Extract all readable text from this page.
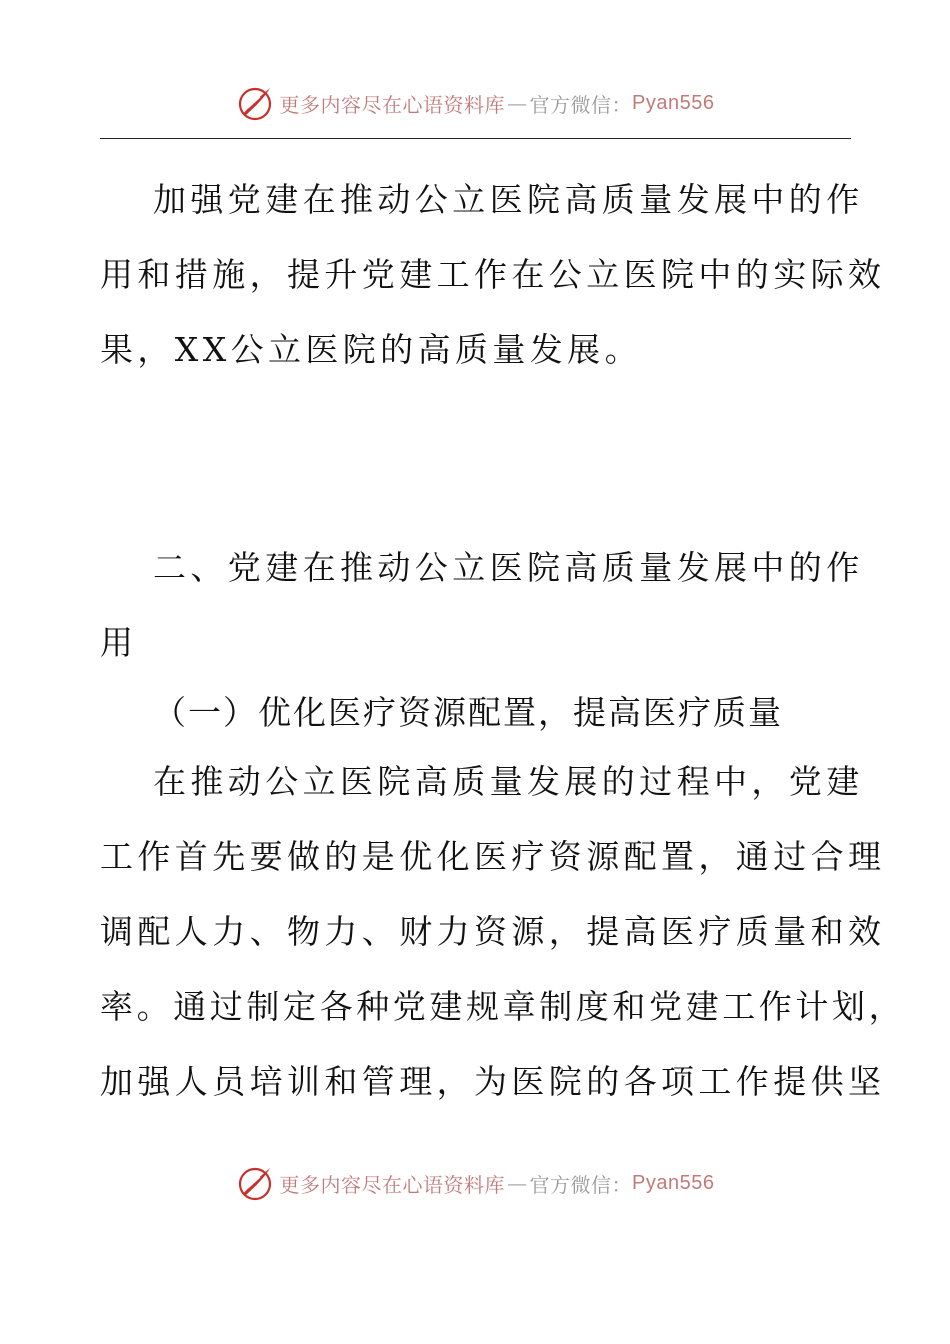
更多内容尽在心语资料库 — 官方微信： Pyan556
加强党建在推动公立医院高质量发展中的作
用和措施，提升党建工作在公立医院中的实际效
果，XX公立医院的高质量发展。
二、党建在推动公立医院高质量发展中的作
用
（一）优化医疗资源配置，提高医疗质量
在推动公立医院高质量发展的过程中，党建
工作首先要做的是优化医疗资源配置，通过合理
调配人力、物力、财力资源，提高医疗质量和效
率。通过制定各种党建规章制度和党建工作计划，
加强人员培训和管理，为医院的各项工作提供坚
更多内容尽在心语资料库 — 官方微信： Pyan556
